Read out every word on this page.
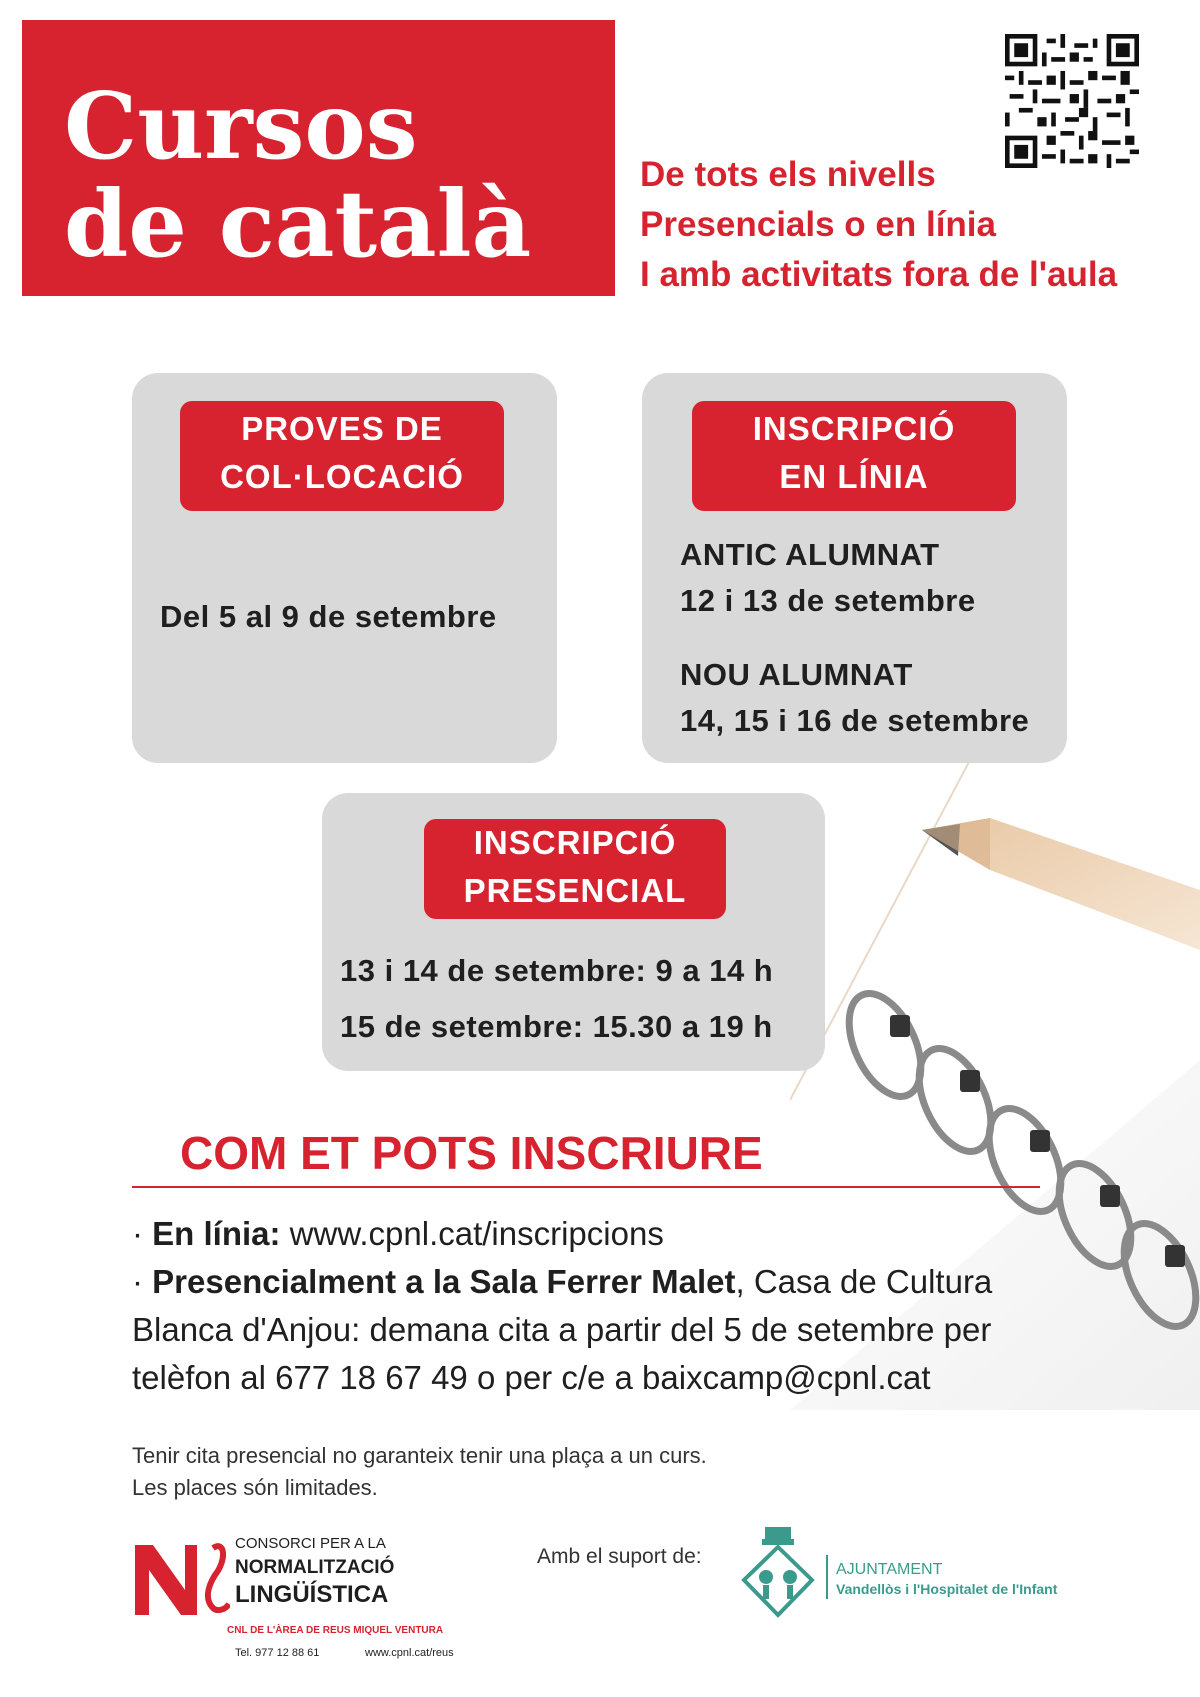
Cursos
de català	De tots els nivells
Presencials o en línia
I amb activitats fora de l'aula
PROVES DE
COL·LOCACIÓ
Del 5 al 9 de setembre
INSCRIPCIÓ
EN LÍNIA
ANTIC ALUMNAT
12 i 13 de setembre
NOU ALUMNAT
14, 15 i 16 de setembre
INSCRIPCIÓ
PRESENCIAL
13 i 14 de setembre: 9 a 14 h
15 de setembre: 15.30 a 19 h
COM ET POTS INSCRIURE
· En línia: www.cpnl.cat/inscripcions
· Presencialment a la Sala Ferrer Malet, Casa de Cultura
Blanca d'Anjou: demana cita a partir del 5 de setembre per
telèfon al 677 18 67 49 o per c/e a baixcamp@cpnl.cat
Tenir cita presencial no garanteix tenir una plaça a un curs.
Les places són limitades.
CONSORCI PER A LA
NORMALITZACIÓ
LINGÜÍSTICA
CNL DE L'ÀREA DE REUS MIQUEL VENTURA
Tel. 977 12 88 61	www.cpnl.cat/reus
Amb el suport de:
AJUNTAMENT
Vandellòs i l'Hospitalet de l'Infant
